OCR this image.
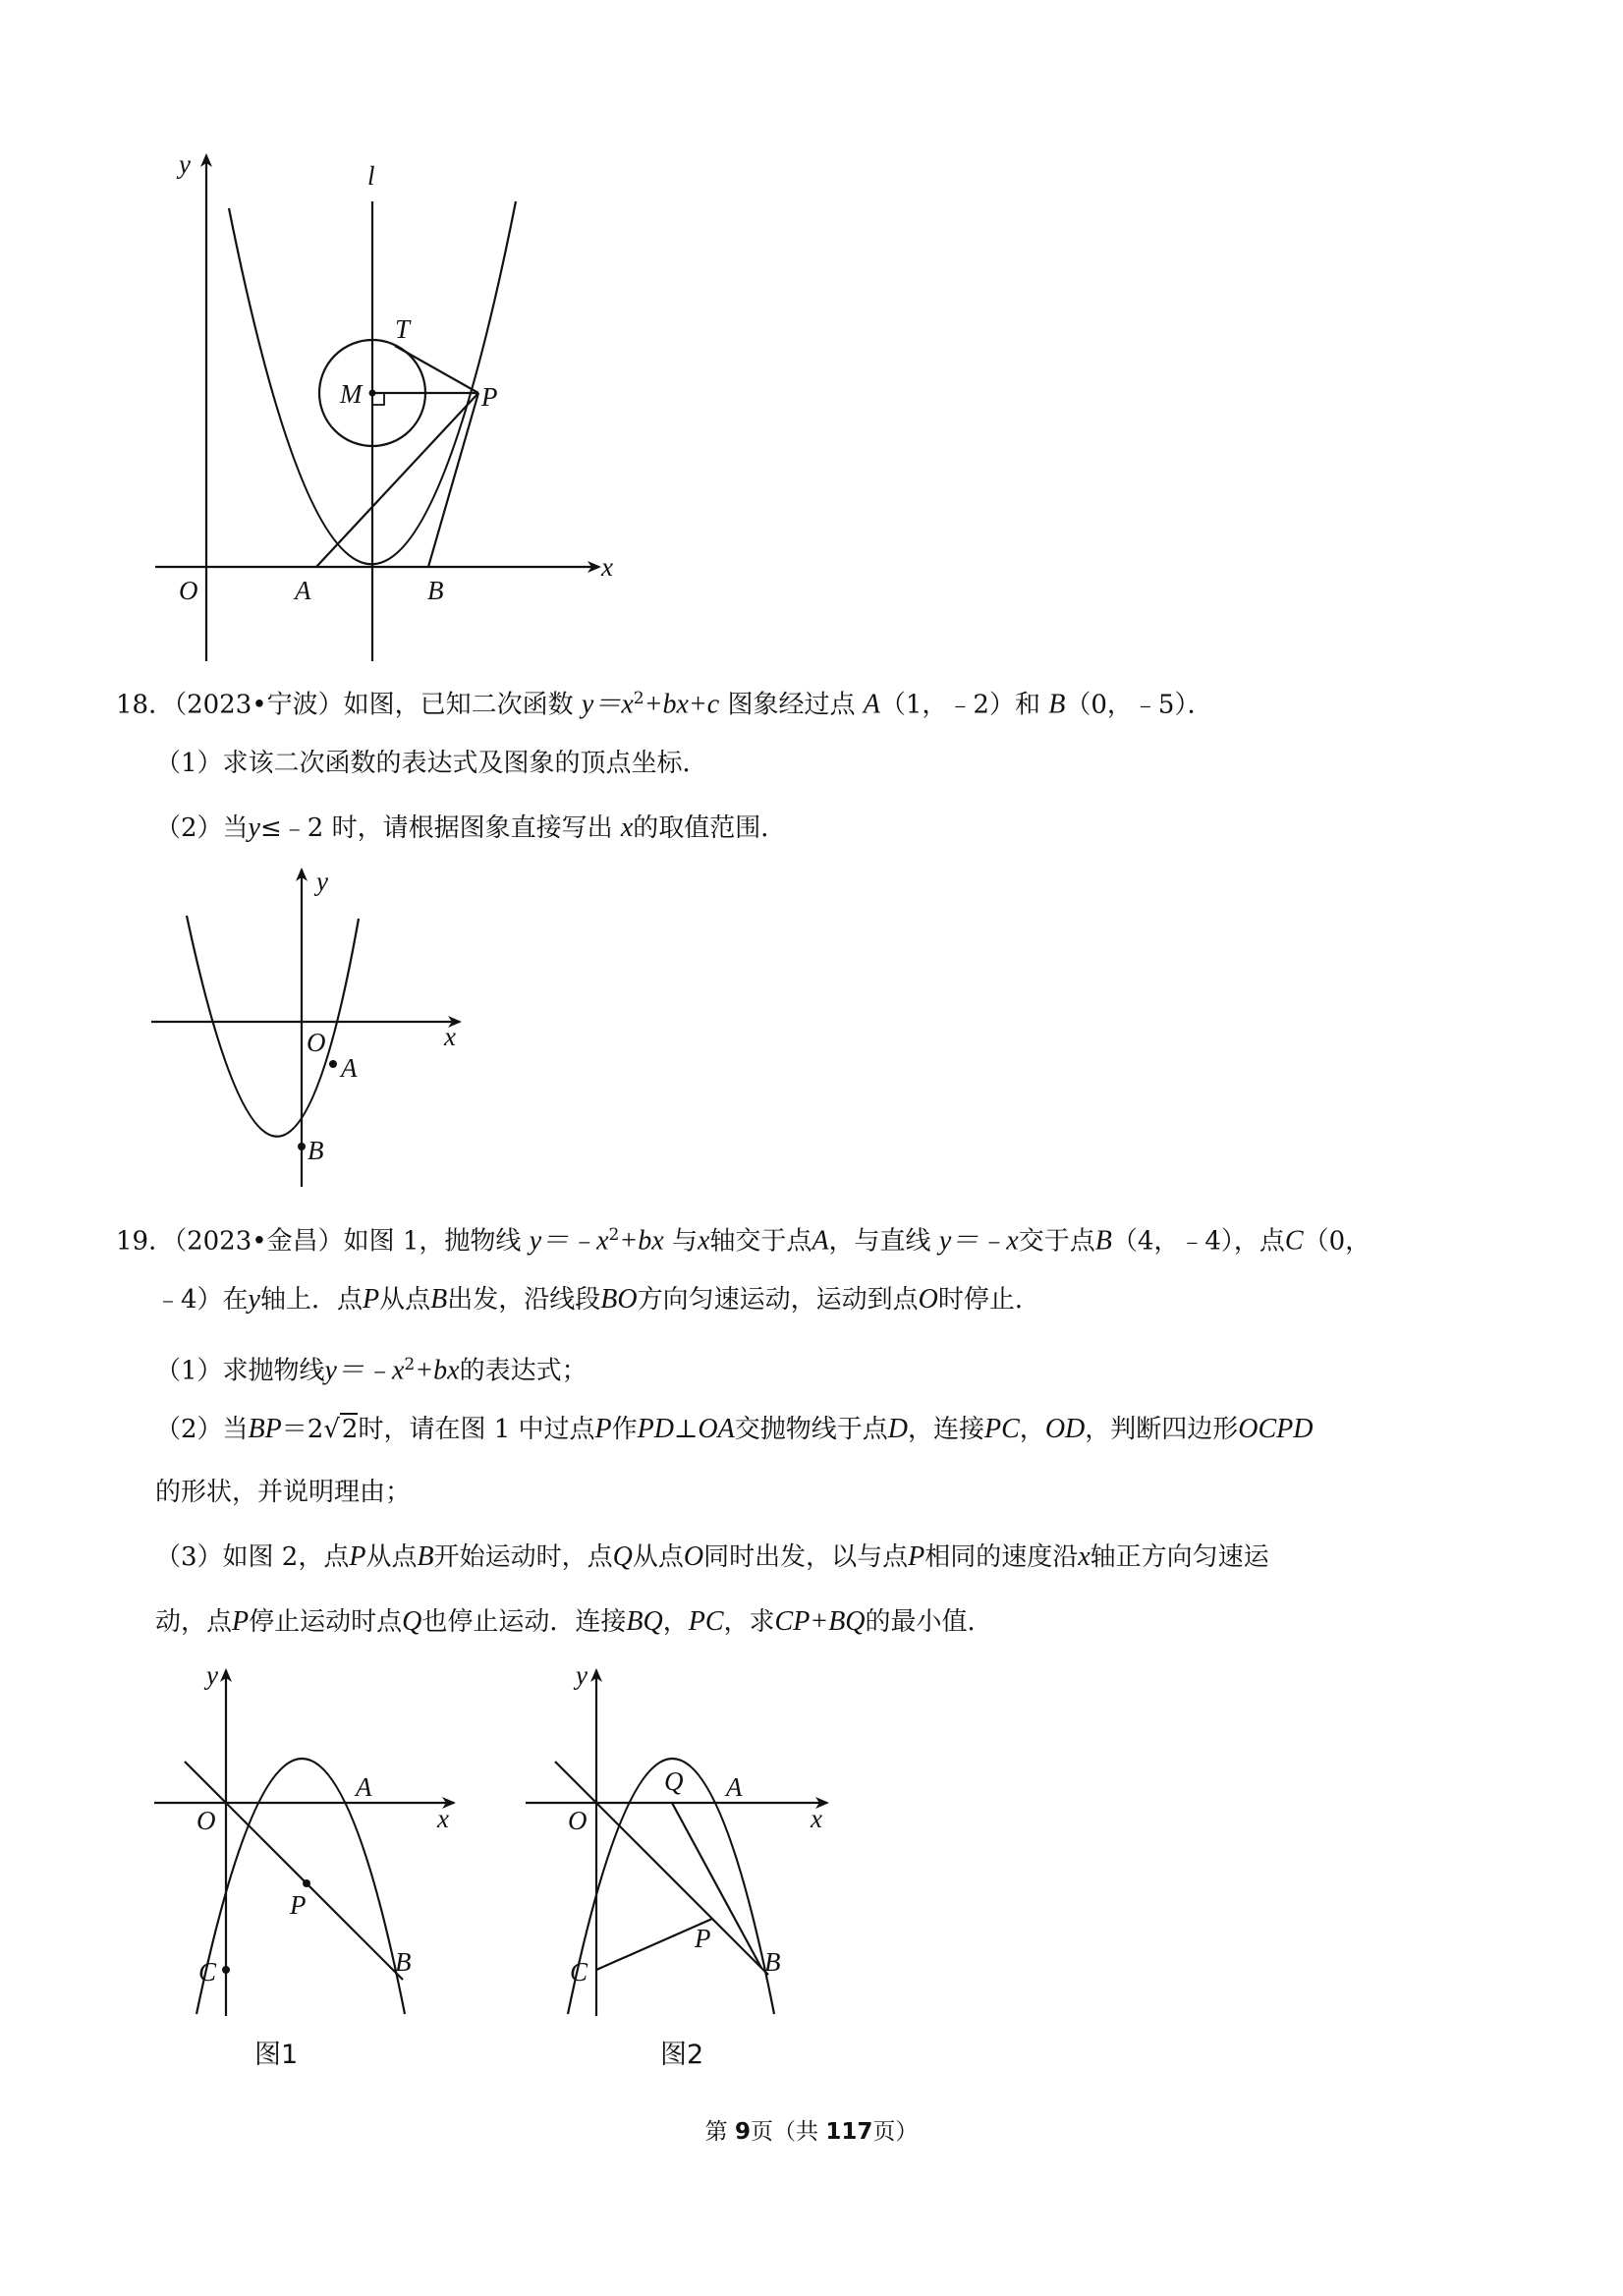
y	l
T
M	P
x
O	A	B
18．（2023•宁波）如图，已知二次函数 $y=x^2+bx+c$ 图象经过点 A（1，﹣2）和 B（0，﹣5）．
（1）求该二次函数的表达式及图象的顶点坐标．
（2）当y≤﹣2 时，请根据图象直接写出 x的取值范围．
y
x
O
A
B
19．（2023•金昌）如图 1，抛物线 $y=﹣x^2+bx$ 与x轴交于点A，与直线 y＝﹣x交于点B（4，﹣4），点C（0，
﹣4）在y轴上．点P从点B出发，沿线段BO方向匀速运动，运动到点O时停止．
（1）求抛物线$y=﹣x^2+bx$的表达式；
（2）当BP＝2√2时，请在图 1 中过点P作PD⊥OA交抛物线于点D，连接PC，OD，判断四边形OCPD
的形状，并说明理由；
（3）如图 2，点P从点B开始运动时，点Q从点O同时出发，以与点P相同的速度沿x轴正方向匀速运
动，点P停止运动时点Q也停止运动．连接BQ，PC，求CP+BQ的最小值．
y
x
O
A
P
B
C
图1
y
x
O
Q A
P
B
C
图2
第 9页（共 117页）
